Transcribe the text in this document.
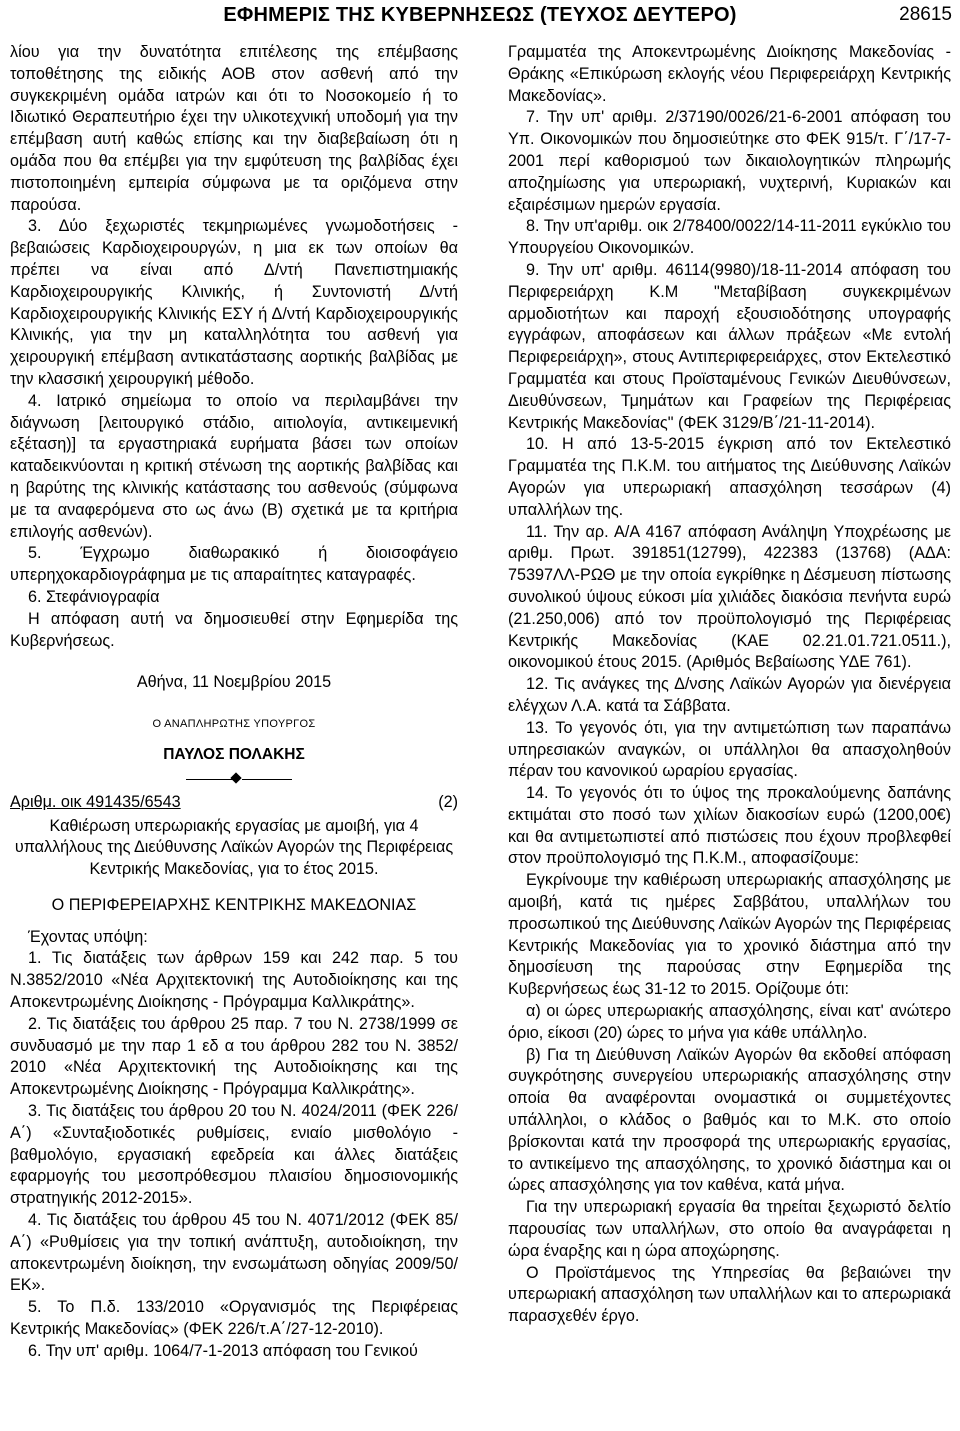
ΕΦΗΜΕΡΙΣ ΤΗΣ ΚΥΒΕΡΝΗΣΕΩΣ (ΤΕΥΧΟΣ ΔΕΥΤΕΡΟ)	28615

λίου για την δυνατότητα επιτέλεσης της επέμβασης τοποθέτησης της ειδικής ΑΟΒ στον ασθενή από την συγκεκριμένη ομάδα ιατρών και ότι το Νοσοκομείο ή το Ιδιωτικό Θεραπευτήριο έχει την υλικοτεχνική υποδομή για την επέμβαση αυτή καθώς επίσης και την διαβεβαίωση ότι η ομάδα που θα επέμβει για την εμφύτευση της βαλβίδας έχει πιστοποιημένη εμπειρία σύμφωνα με τα οριζόμενα στην παρούσα.

3. Δύο ξεχωριστές τεκμηριωμένες γνωμοδοτήσεις - βεβαιώσεις Καρδιοχειρουργών, η μια εκ των οποίων θα πρέπει να είναι από Δ/ντή Πανεπιστημιακής Καρδιοχειρουργικής Κλινικής, ή Συντονιστή Δ/ντή Καρδιοχειρουργικής Κλινικής ΕΣΥ ή Δ/ντή Καρδιοχειρουργικής Κλινικής, για την μη καταλληλότητα του ασθενή για χειρουργική επέμβαση αντικατάστασης αορτικής βαλβίδας με την κλασσική χειρουργική μέθοδο.

4. Ιατρικό σημείωμα το οποίο να περιλαμβάνει την διάγνωση [λειτουργικό στάδιο, αιτιολογία, αντικειμενική εξέταση)] τα εργαστηριακά ευρήματα βάσει των οποίων καταδεικνύονται η κριτική στένωση της αορτικής βαλβίδας και η βαρύτης της κλινικής κατάστασης του ασθενούς (σύμφωνα με τα αναφερόμενα στο ως άνω (Β) σχετικά με τα κριτήρια επιλογής ασθενών).

5. Έγχρωμο διαθωρακικό ή διοισοφάγειο υπερηχοκαρδιογράφημα με τις απαραίτητες καταγραφές.

6. Στεφάνιογραφία

Η απόφαση αυτή να δημοσιευθεί στην Εφημερίδα της Κυβερνήσεως.

Αθήνα, 11 Νοεμβρίου 2015

Ο ΑΝΑΠΛΗΡΩΤΗΣ ΥΠΟΥΡΓΟΣ

ΠΑΥΛΟΣ ΠΟΛΑΚΗΣ

Αριθμ. οικ 491435/6543	(2)

Καθιέρωση υπερωριακής εργασίας με αμοιβή, για 4 υπαλλήλους της Διεύθυνσης Λαϊκών Αγορών της Περιφέρειας Κεντρικής Μακεδονίας, για το έτος 2015.

Ο ΠΕΡΙΦΕΡΕΙΑΡΧΗΣ ΚΕΝΤΡΙΚΗΣ ΜΑΚΕΔΟΝΙΑΣ

Έχοντας υπόψη:

1. Τις διατάξεις των άρθρων 159 και 242 παρ. 5 του Ν.3852/2010 «Νέα Αρχιτεκτονική της Αυτοδιοίκησης και της Αποκεντρωμένης Διοίκησης - Πρόγραμμα Καλλικράτης».

2. Τις διατάξεις του άρθρου 25 παρ. 7 του Ν. 2738/1999 σε συνδυασμό με την παρ 1 εδ α του άρθρου 282 του Ν. 3852/ 2010 «Νέα Αρχιτεκτονική της Αυτοδιοίκησης και της Αποκεντρωμένης Διοίκησης - Πρόγραμμα Καλλικράτης».

3. Τις διατάξεις του άρθρου 20 του Ν. 4024/2011 (ΦΕΚ 226/Α΄) «Συνταξιοδοτικές ρυθμίσεις, ενιαίο μισθολόγιο - βαθμολόγιο, εργασιακή εφεδρεία και άλλες διατάξεις εφαρμογής του μεσοπρόθεσμου πλαισίου δημοσιονομικής στρατηγικής 2012-2015».

4. Τις διατάξεις του άρθρου 45 του Ν. 4071/2012 (ΦΕΚ 85/Α΄) «Ρυθμίσεις για την τοπική ανάπτυξη, αυτοδιοίκηση, την αποκεντρωμένη διοίκηση, την ενσωμάτωση οδηγίας 2009/50/ΕΚ».

5. Το Π.δ. 133/2010 «Οργανισμός της Περιφέρειας Κεντρικής Μακεδονίας» (ΦΕΚ 226/τ.Α΄/27-12-2010).

6. Την υπ' αριθμ. 1064/7-1-2013 απόφαση του Γενικού

Γραμματέα της Αποκεντρωμένης Διοίκησης Μακεδονίας - Θράκης «Επικύρωση εκλογής νέου Περιφερειάρχη Κεντρικής Μακεδονίας».

7. Την υπ' αριθμ. 2/37190/0026/21-6-2001 απόφαση του Υπ. Οικονομικών που δημοσιεύτηκε στο ΦΕΚ 915/τ. Γ΄/17-7-2001 περί καθορισμού των δικαιολογητικών πληρωμής αποζημίωσης για υπερωριακή, νυχτερινή, Κυριακών και εξαιρέσιμων ημερών εργασία.

8. Την υπ'αριθμ. οικ 2/78400/0022/14-11-2011 εγκύκλιο του Υπουργείου Οικονομικών.

9. Την υπ' αριθμ. 46114(9980)/18-11-2014 απόφαση του Περιφερειάρχη Κ.Μ "Μεταβίβαση συγκεκριμένων αρμοδιοτήτων και παροχή εξουσιοδότησης υπογραφής εγγράφων, αποφάσεων και άλλων πράξεων «Με εντολή Περιφερειάρχη», στους Αντιπεριφερειάρχες, στον Εκτελεστικό Γραμματέα και στους Προϊσταμένους Γενικών Διευθύνσεων, Διευθύνσεων, Τμημάτων και Γραφείων της Περιφέρειας Κεντρικής Μακεδονίας" (ΦΕΚ 3129/Β΄/21-11-2014).

10. Η από 13-5-2015 έγκριση από τον Εκτελεστικό Γραμματέα της Π.Κ.Μ. του αιτήματος της Διεύθυνσης Λαϊκών Αγορών για υπερωριακή απασχόληση τεσσάρων (4) υπαλλήλων της.

11. Την αρ. Α/Α 4167 απόφαση Ανάληψη Υποχρέωσης με αριθμ. Πρωτ. 391851(12799), 422383 (13768) (ΑΔΑ: 75397ΛΛ-ΡΩΘ με την οποία εγκρίθηκε η Δέσμευση πίστωσης συνολικού ύψους εύκοσι μία χιλιάδες διακόσια πενήντα ευρώ (21.250,006) από τον προϋπολογισμό της Περιφέρειας Κεντρικής Μακεδονίας (ΚΑΕ 02.21.01.721.0511.), οικονομικού έτους 2015. (Αριθμός Βεβαίωσης ΥΔΕ 761).

12. Τις ανάγκες της Δ/νσης Λαϊκών Αγορών για διενέργεια ελέγχων Λ.Α. κατά τα Σάββατα.

13. Το γεγονός ότι, για την αντιμετώπιση των παραπάνω υπηρεσιακών αναγκών, οι υπάλληλοι θα απασχοληθούν πέραν του κανονικού ωραρίου εργασίας.

14. Το γεγονός ότι το ύψος της προκαλούμενης δαπάνης εκτιμάται στο ποσό των χιλίων διακοσίων ευρώ (1200,00€) και θα αντιμετωπιστεί από πιστώσεις που έχουν προβλεφθεί στον προϋπολογισμό της Π.Κ.Μ., αποφασίζουμε:

Εγκρίνουμε την καθιέρωση υπερωριακής απασχόλησης με αμοιβή, κατά τις ημέρες Σαββάτου, υπαλλήλων του προσωπικού της Διεύθυνσης Λαϊκών Αγορών της Περιφέρειας Κεντρικής Μακεδονίας για το χρονικό διάστημα από την δημοσίευση της παρούσας στην Εφημερίδα της Κυβερνήσεως έως 31-12 το 2015. Ορίζουμε ότι:

α) οι ώρες υπερωριακής απασχόλησης, είναι κατ' ανώτερο όριο, είκοσι (20) ώρες το μήνα για κάθε υπάλληλο.

β) Για τη Διεύθυνση Λαϊκών Αγορών θα εκδοθεί απόφαση συγκρότησης συνεργείου υπερωριακής απασχόλησης στην οποία θα αναφέρονται ονομαστικά οι συμμετέχοντες υπάλληλοι, ο κλάδος ο βαθμός και το Μ.Κ. στο οποίο βρίσκονται κατά την προσφορά της υπερωριακής εργασίας, το αντικείμενο της απασχόλησης, το χρονικό διάστημα και οι ώρες απασχόλησης για τον καθένα, κατά μήνα.

Για την υπερωριακή εργασία θα τηρείται ξεχωριστό δελτίο παρουσίας των υπαλλήλων, στο οποίο θα αναγράφεται η ώρα έναρξης και η ώρα αποχώρησης.

Ο Προϊστάμενος της Υπηρεσίας θα βεβαιώνει την υπερωριακή απασχόληση των υπαλλήλων και το απερωριακά παρασχεθέν έργο.
